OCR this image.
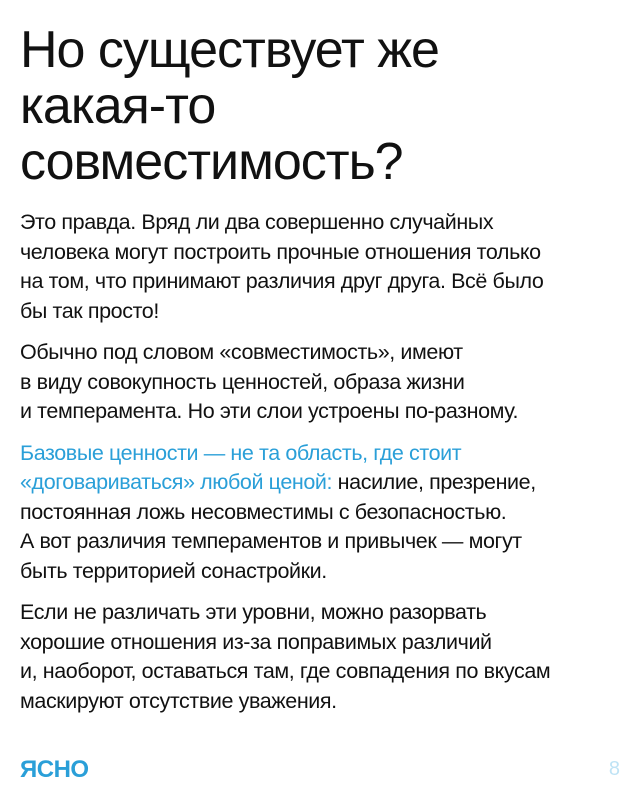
Но существует же
какая-то
совместимость?

Это правда. Вряд ли два совершенно случайных
человека могут построить прочные отношения только
на том, что принимают различия друг друга. Всё было
бы так просто!

Обычно под словом «совместимость», имеют
в виду совокупность ценностей, образа жизни
и темперамента. Но эти слои устроены по-разному.

Базовые ценности — не та область, где стоит
«договариваться» любой ценой: насилие, презрение,
постоянная ложь несовместимы с безопасностью.
А вот различия темпераментов и привычек — могут
быть территорией сонастройки.

Если не различать эти уровни, можно разорвать
хорошие отношения из-за поправимых различий
и, наоборот, оставаться там, где совпадения по вкусам
маскируют отсутствие уважения.

ЯСНО	8
